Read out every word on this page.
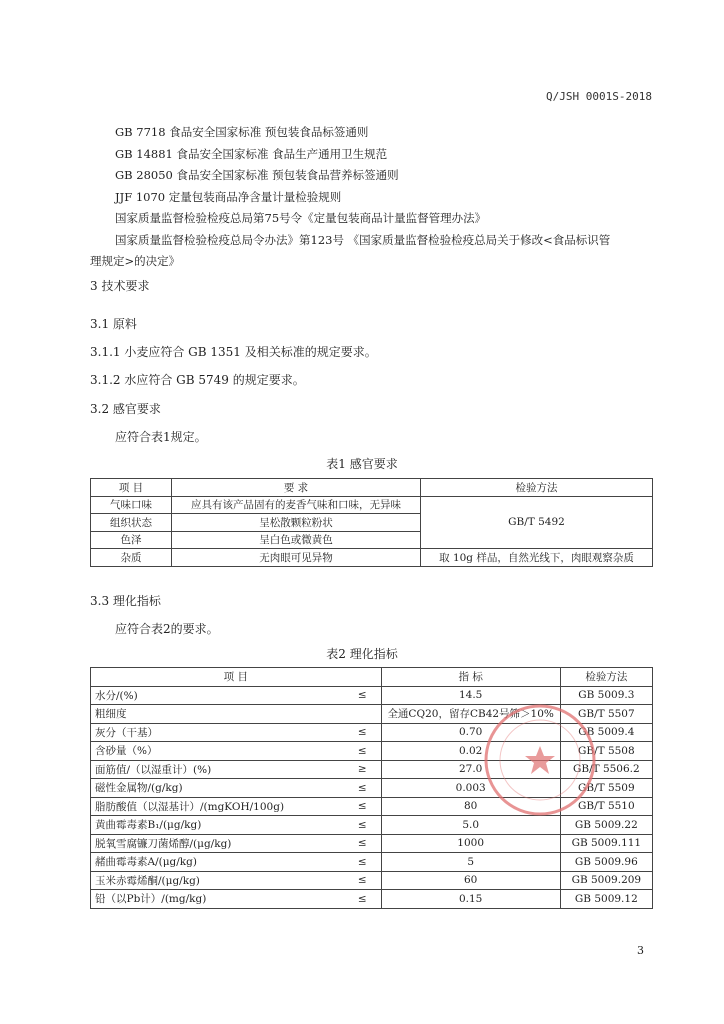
Q/JSH 0001S-2018
GB 7718 食品安全国家标准 预包装食品标签通则
GB 14881 食品安全国家标准 食品生产通用卫生规范
GB 28050 食品安全国家标准 预包装食品营养标签通则
JJF 1070 定量包装商品净含量计量检验规则
国家质量监督检验检疫总局第75号令《定量包装商品计量监督管理办法》
国家质量监督检验检疫总局令办法》第123号 《国家质量监督检验检疫总局关于修改<食品标识管
理规定>的决定》
3 技术要求
3.1 原料
3.1.1 小麦应符合 GB 1351 及相关标准的规定要求。
3.1.2 水应符合 GB 5749 的规定要求。
3.2 感官要求
应符合表1规定。
表1 感官要求
项 目	要 求	检验方法
气味口味	应具有该产品固有的麦香气味和口味，无异味	GB/T 5492
组织状态	呈松散颗粒粉状	
色泽	呈白色或微黄色	
杂质	无肉眼可见异物	取 10g 样品，自然光线下，肉眼观察杂质
3.3 理化指标
应符合表2的要求。
表2 理化指标
项 目		指 标	检验方法
水分/(%)	≤	14.5	GB 5009.3
粗细度		全通CQ20，留存CB42号筛＞10%	GB/T 5507
灰分（干基）	≤	0.70	GB 5009.4
含砂量（%）	≤	0.02	GB/T 5508
面筋值/（以湿重计）(%)	≥	27.0	GB/T 5506.2
磁性金属物/(g/kg)	≤	0.003	GB/T 5509
脂肪酸值（以湿基计）/(mgKOH/100g)	≤	80	GB/T 5510
黄曲霉毒素B₁/(μg/kg)	≤	5.0	GB 5009.22
脱氧雪腐镰刀菌烯醇/(μg/kg)	≤	1000	GB 5009.111
赭曲霉毒素A/(μg/kg)	≤	5	GB 5009.96
玉米赤霉烯酮/(μg/kg)	≤	60	GB 5009.209
铅（以Pb计）/(mg/kg)	≤	0.15	GB 5009.12
3
